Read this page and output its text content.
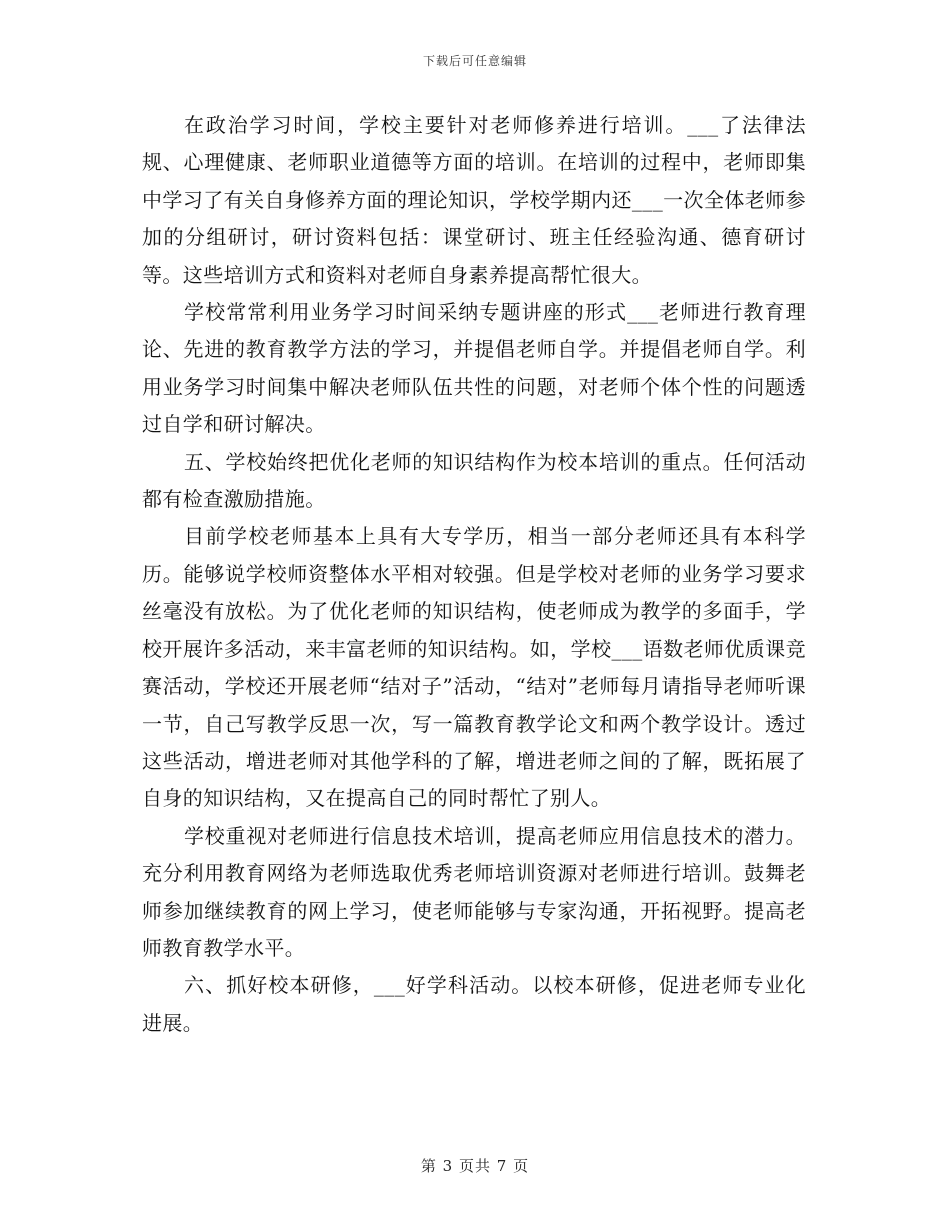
下载后可任意编辑

在政治学习时间，学校主要针对老师修养进行培训。___了法律法规、心理健康、老师职业道德等方面的培训。在培训的过程中，老师即集中学习了有关自身修养方面的理论知识，学校学期内还___一次全体老师参加的分组研讨，研讨资料包括：课堂研讨、班主任经验沟通、德育研讨等。这些培训方式和资料对老师自身素养提高帮忙很大。

学校常常利用业务学习时间采纳专题讲座的形式___老师进行教育理论、先进的教育教学方法的学习，并提倡老师自学。并提倡老师自学。利用业务学习时间集中解决老师队伍共性的问题，对老师个体个性的问题透过自学和研讨解决。

五、学校始终把优化老师的知识结构作为校本培训的重点。任何活动都有检查激励措施。

目前学校老师基本上具有大专学历，相当一部分老师还具有本科学历。能够说学校师资整体水平相对较强。但是学校对老师的业务学习要求丝毫没有放松。为了优化老师的知识结构，使老师成为教学的多面手，学校开展许多活动，来丰富老师的知识结构。如，学校___语数老师优质课竞赛活动，学校还开展老师“结对子”活动，“结对”老师每月请指导老师听课一节，自己写教学反思一次，写一篇教育教学论文和两个教学设计。透过这些活动，增进老师对其他学科的了解，增进老师之间的了解，既拓展了自身的知识结构，又在提高自己的同时帮忙了别人。

学校重视对老师进行信息技术培训，提高老师应用信息技术的潜力。充分利用教育网络为老师选取优秀老师培训资源对老师进行培训。鼓舞老师参加继续教育的网上学习，使老师能够与专家沟通，开拓视野。提高老师教育教学水平。

六、抓好校本研修，___好学科活动。以校本研修，促进老师专业化进展。

第 3 页共 7 页
